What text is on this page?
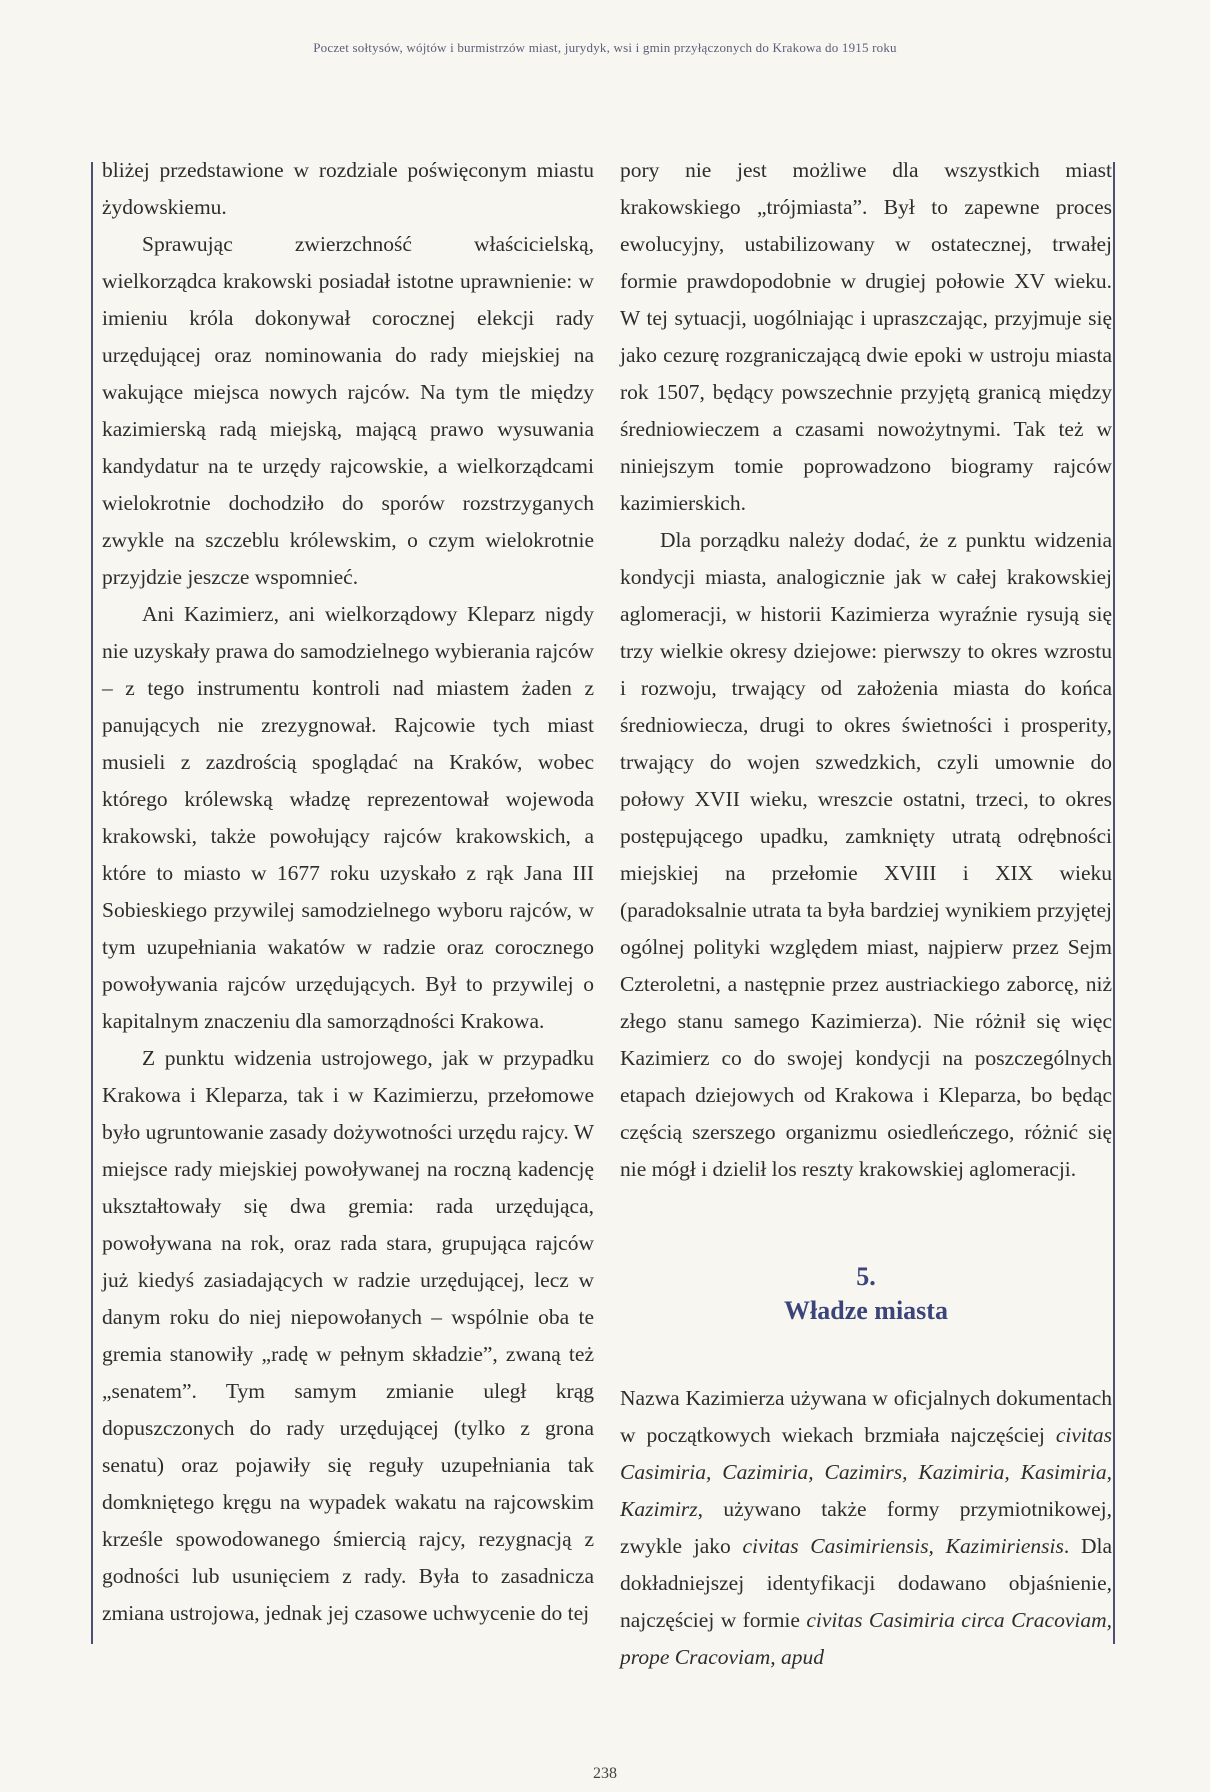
Poczet sołtysów, wójtów i burmistrzów miast, jurydyk, wsi i gmin przyłączonych do Krakowa do 1915 roku

bliżej przedstawione w rozdziale poświęconym miastu żydowskiemu.

Sprawując zwierzchność właścicielską, wielkorządca krakowski posiadał istotne uprawnienie: w imieniu króla dokonywał corocznej elekcji rady urzędującej oraz nominowania do rady miejskiej na wakujące miejsca nowych rajców. Na tym tle między kazimierską radą miejską, mającą prawo wysuwania kandydatur na te urzędy rajcowskie, a wielkorządcami wielokrotnie dochodziło do sporów rozstrzyganych zwykle na szczeblu królewskim, o czym wielokrotnie przyjdzie jeszcze wspomnieć.

Ani Kazimierz, ani wielkorządowy Kleparz nigdy nie uzyskały prawa do samodzielnego wybierania rajców – z tego instrumentu kontroli nad miastem żaden z panujących nie zrezygnował. Rajcowie tych miast musieli z zazdrością spoglądać na Kraków, wobec którego królewską władzę reprezentował wojewoda krakowski, także powołujący rajców krakowskich, a które to miasto w 1677 roku uzyskało z rąk Jana III Sobieskiego przywilej samodzielnego wyboru rajców, w tym uzupełniania wakatów w radzie oraz corocznego powoływania rajców urzędujących. Był to przywilej o kapitalnym znaczeniu dla samorządności Krakowa.

Z punktu widzenia ustrojowego, jak w przypadku Krakowa i Kleparza, tak i w Kazimierzu, przełomowe było ugruntowanie zasady dożywotności urzędu rajcy. W miejsce rady miejskiej powoływanej na roczną kadencję ukształtowały się dwa gremia: rada urzędująca, powoływana na rok, oraz rada stara, grupująca rajców już kiedyś zasiadających w radzie urzędującej, lecz w danym roku do niej niepowołanych – wspólnie oba te gremia stanowiły „radę w pełnym składzie”, zwaną też „senatem”. Tym samym zmianie uległ krąg dopuszczonych do rady urzędującej (tylko z grona senatu) oraz pojawiły się reguły uzupełniania tak domkniętego kręgu na wypadek wakatu na rajcowskim krześle spowodowanego śmiercią rajcy, rezygnacją z godności lub usunięciem z rady. Była to zasadnicza zmiana ustrojowa, jednak jej czasowe uchwycenie do tej

pory nie jest możliwe dla wszystkich miast krakowskiego „trójmiasta”. Był to zapewne proces ewolucyjny, ustabilizowany w ostatecznej, trwałej formie prawdopodobnie w drugiej połowie XV wieku. W tej sytuacji, uogólniając i upraszczając, przyjmuje się jako cezurę rozgraniczającą dwie epoki w ustroju miasta rok 1507, będący powszechnie przyjętą granicą między średniowieczem a czasami nowożytnymi. Tak też w niniejszym tomie poprowadzono biogramy rajców kazimierskich.

Dla porządku należy dodać, że z punktu widzenia kondycji miasta, analogicznie jak w całej krakowskiej aglomeracji, w historii Kazimierza wyraźnie rysują się trzy wielkie okresy dziejowe: pierwszy to okres wzrostu i rozwoju, trwający od założenia miasta do końca średniowiecza, drugi to okres świetności i prosperity, trwający do wojen szwedzkich, czyli umownie do połowy XVII wieku, wreszcie ostatni, trzeci, to okres postępującego upadku, zamknięty utratą odrębności miejskiej na przełomie XVIII i XIX wieku (paradoksalnie utrata ta była bardziej wynikiem przyjętej ogólnej polityki względem miast, najpierw przez Sejm Czteroletni, a następnie przez austriackiego zaborcę, niż złego stanu samego Kazimierza). Nie różnił się więc Kazimierz co do swojej kondycji na poszczególnych etapach dziejowych od Krakowa i Kleparza, bo będąc częścią szerszego organizmu osiedleńczego, różnić się nie mógł i dzielił los reszty krakowskiej aglomeracji.

5.
Władze miasta

Nazwa Kazimierza używana w oficjalnych dokumentach w początkowych wiekach brzmiała najczęściej civitas Casimiria, Cazimiria, Cazimirs, Kazimiria, Kasimiria, Kazimirz, używano także formy przymiotnikowej, zwykle jako civitas Casimiriensis, Kazimiriensis. Dla dokładniejszej identyfikacji dodawano objaśnienie, najczęściej w formie civitas Casimiria circa Cracoviam, prope Cracoviam, apud

238
